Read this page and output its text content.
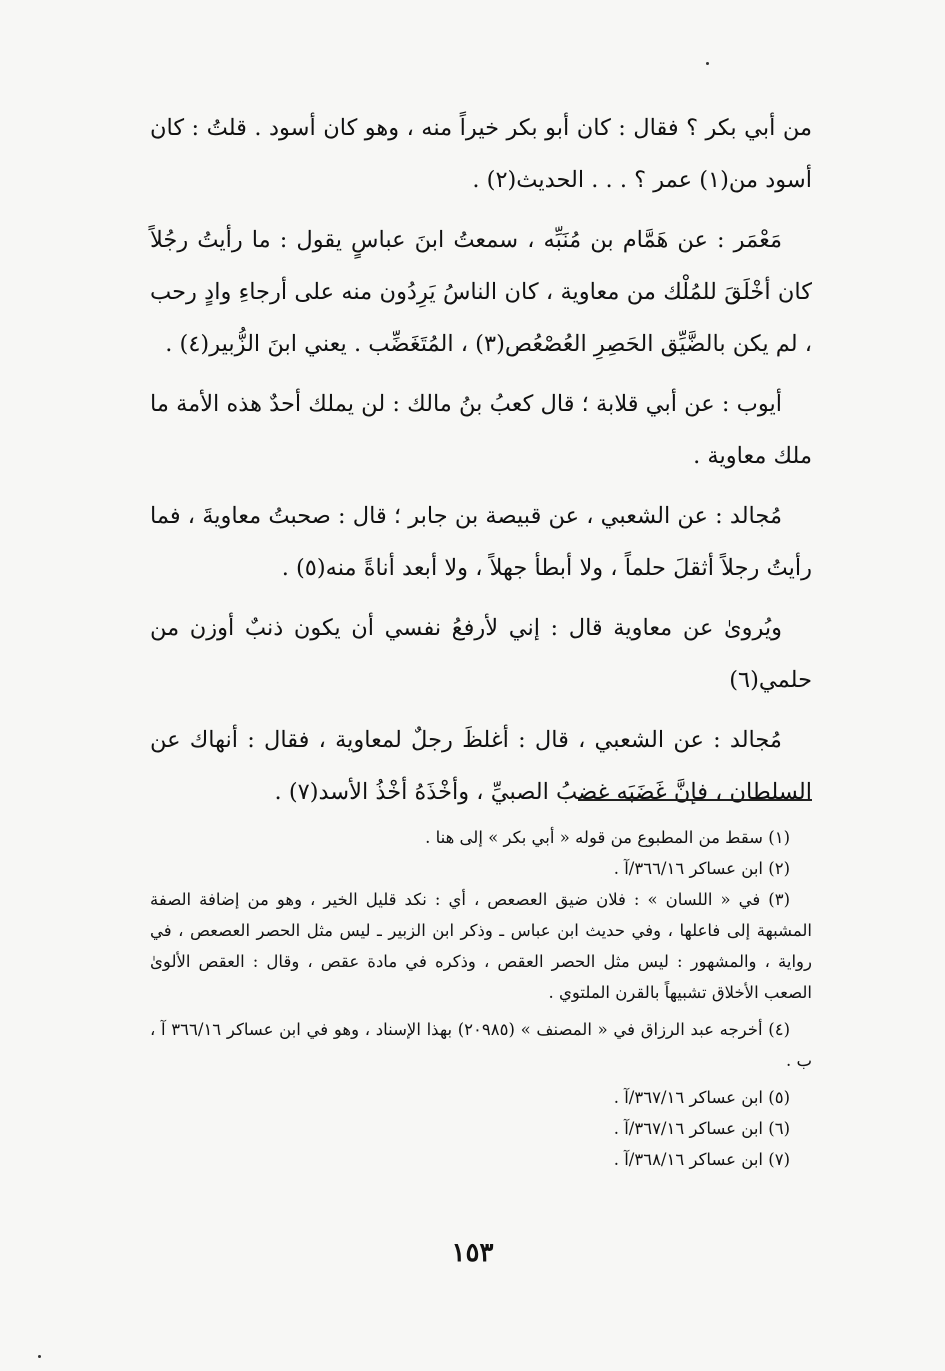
من أبي بكر ؟ فقال : كان أبو بكر خيراً منه ، وهو كان أسود . قلتُ : كان أسود من(١) عمر ؟ . . . الحديث(٢) .

مَعْمَر : عن هَمَّام بن مُنَبِّه ، سمعتُ ابنَ عباسٍ يقول : ما رأيتُ رجُلاً كان أخْلَقَ للمُلْك من معاوية ، كان الناسُ يَرِدُون منه على أرجاءِ وادٍ رحب ، لم يكن بالضَّيِّق الحَصِرِ العُصْعُص(٣) ، المُتَغَضِّب . يعني ابنَ الزُّبير(٤) .

أيوب : عن أبي قلابة ؛ قال كعبُ بنُ مالك : لن يملك أحدٌ هذه الأمة ما ملك معاوية .

مُجالد : عن الشعبي ، عن قبيصة بن جابر ؛ قال : صحبتُ معاويةَ ، فما رأيتُ رجلاً أثقلَ حلماً ، ولا أبطأ جهلاً ، ولا أبعد أناةً منه(٥) .

ويُروىٰ عن معاوية قال : إني لأرفعُ نفسي أن يكون ذنبٌ أوزن من حلمي(٦)

مُجالد : عن الشعبي ، قال : أغلظَ رجلٌ لمعاوية ، فقال : أنهاك عن السلطان ، فإنَّ غَضَبَه غضبُ الصبيِّ ، وأخْذَهُ أخْذُ الأسد(٧) .

(١) سقط من المطبوع من قوله « أبي بكر » إلى هنا .

(٢) ابن عساكر ٣٦٦/١٦/آ .

(٣) في « اللسان » : فلان ضيق العصعص ، أي : نكد قليل الخير ، وهو من إضافة الصفة المشبهة إلى فاعلها ، وفي حديث ابن عباس ـ وذكر ابن الزبير ـ ليس مثل الحصر العصعص ، في رواية ، والمشهور : ليس مثل الحصر العقص ، وذكره في مادة عقص ، وقال : العقص الألوىٰ الصعب الأخلاق تشبيهاً بالقرن الملتوي .

(٤) أخرجه عبد الرزاق في « المصنف » (٢٠٩٨٥) بهذا الإسناد ، وهو في ابن عساكر ٣٦٦/١٦ آ ، ب .

(٥) ابن عساكر ٣٦٧/١٦/آ .

(٦) ابن عساكر ٣٦٧/١٦/آ .

(٧) ابن عساكر ٣٦٨/١٦/آ .

١٥٣
